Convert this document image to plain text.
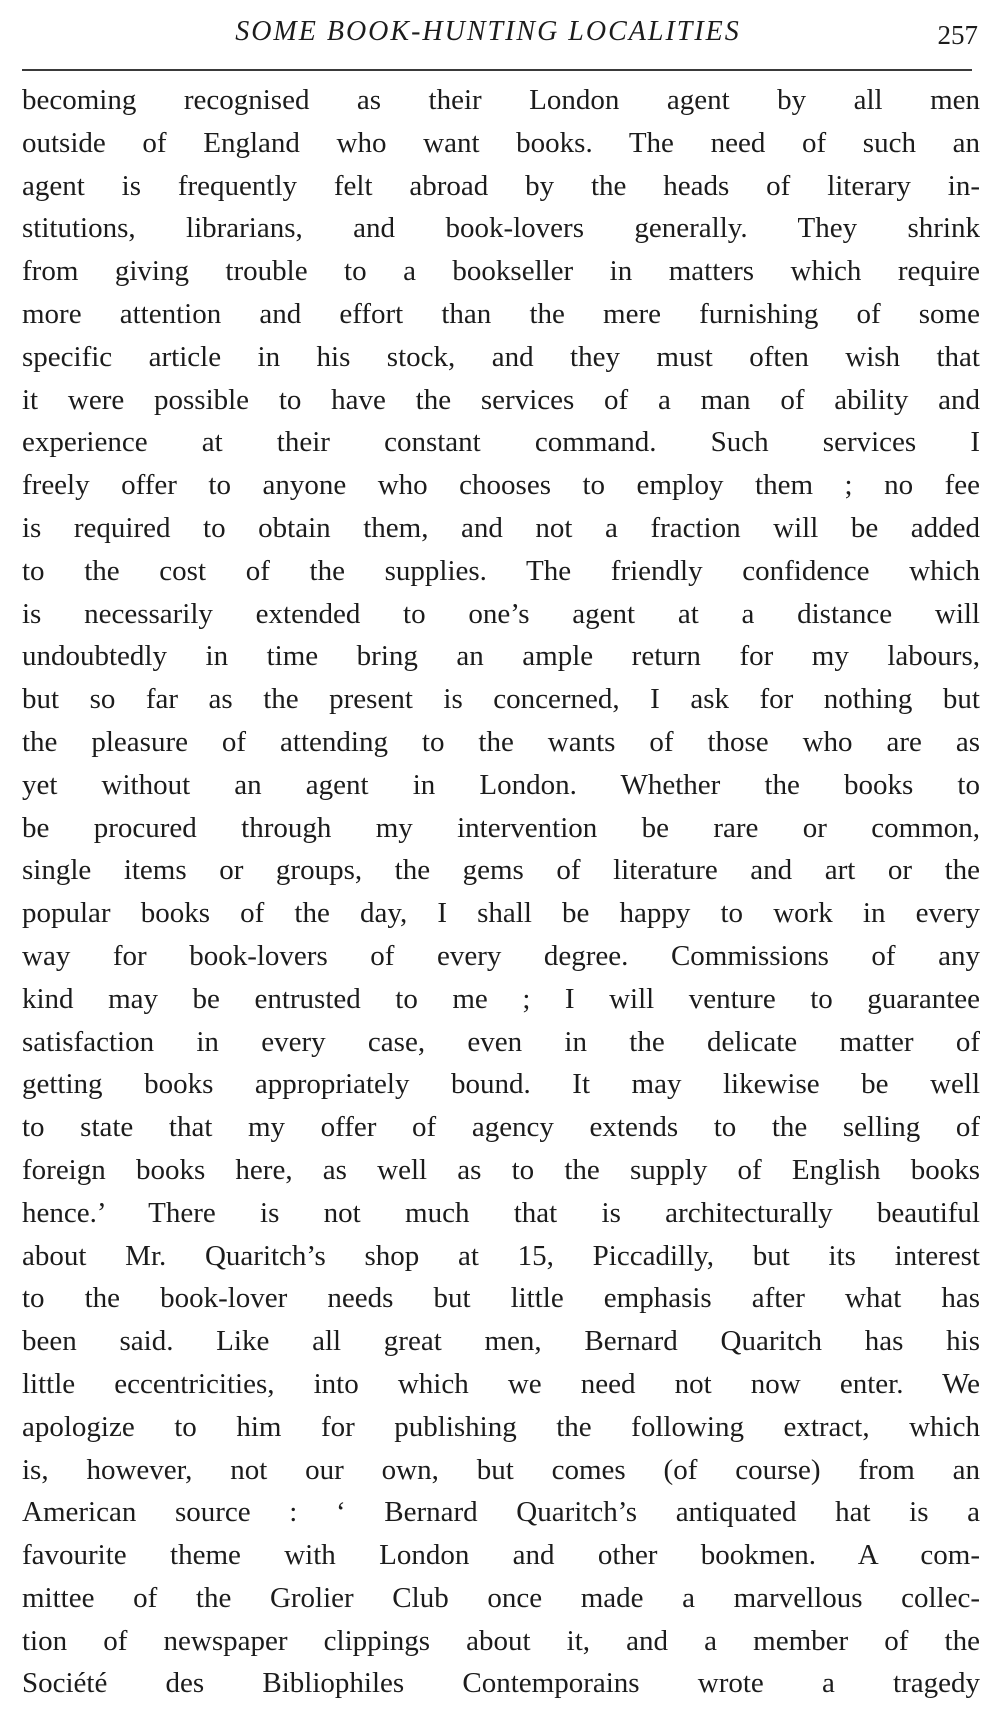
SOME BOOK-HUNTING LOCALITIES	257
becoming recognised as their London agent by all men
outside of England who want books. The need of such an
agent is frequently felt abroad by the heads of literary in-
stitutions, librarians, and book-lovers generally. They shrink
from giving trouble to a bookseller in matters which require
more attention and effort than the mere furnishing of some
specific article in his stock, and they must often wish that
it were possible to have the services of a man of ability and
experience at their constant command. Such services I
freely offer to anyone who chooses to employ them ; no fee
is required to obtain them, and not a fraction will be added
to the cost of the supplies. The friendly confidence which
is necessarily extended to one’s agent at a distance will
undoubtedly in time bring an ample return for my labours,
but so far as the present is concerned, I ask for nothing but
the pleasure of attending to the wants of those who are as
yet without an agent in London. Whether the books to
be procured through my intervention be rare or common,
single items or groups, the gems of literature and art or the
popular books of the day, I shall be happy to work in every
way for book-lovers of every degree. Commissions of any
kind may be entrusted to me ; I will venture to guarantee
satisfaction in every case, even in the delicate matter of
getting books appropriately bound. It may likewise be well
to state that my offer of agency extends to the selling of
foreign books here, as well as to the supply of English books
hence.’ There is not much that is architecturally beautiful
about Mr. Quaritch’s shop at 15, Piccadilly, but its interest
to the book-lover needs but little emphasis after what has
been said. Like all great men, Bernard Quaritch has his
little eccentricities, into which we need not now enter. We
apologize to him for publishing the following extract, which
is, however, not our own, but comes (of course) from an
American source : ‘ Bernard Quaritch’s antiquated hat is a
favourite theme with London and other bookmen. A com-
mittee of the Grolier Club once made a marvellous collec-
tion of newspaper clippings about it, and a member of the
Société des Bibliophiles Contemporains wrote a tragedy
